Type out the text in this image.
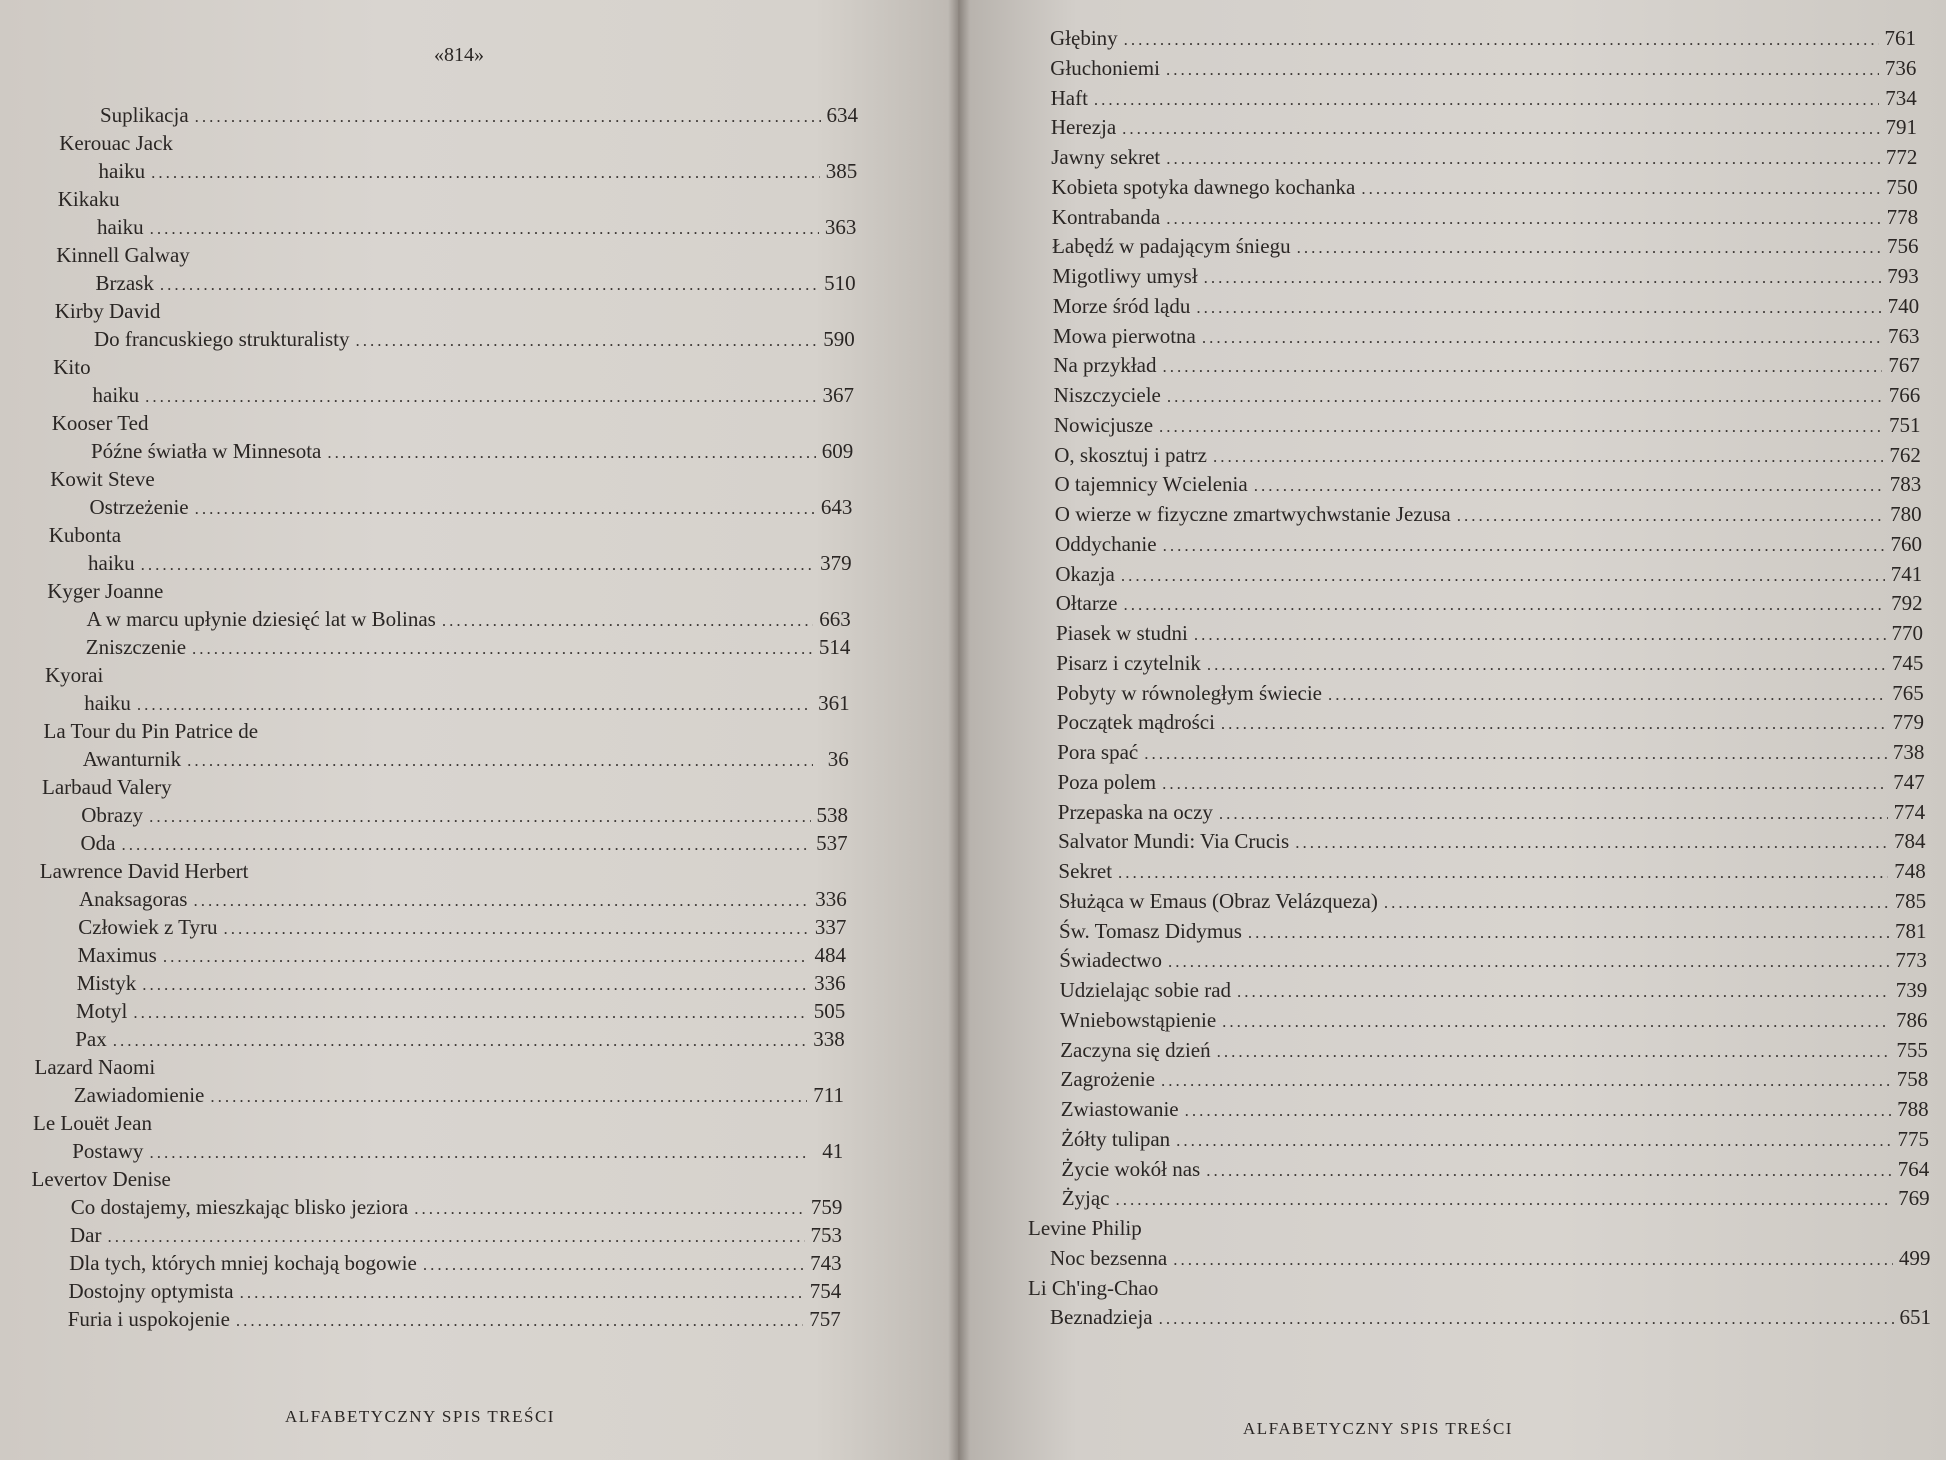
«814»
Suplikacja .....	634
Kerouac Jack
haiku .....	385
Kikaku
haiku .....	363
Kinnell Galway
Brzask .....	510
Kirby David
Do francuskiego strukturalisty .....	590
Kito
haiku .....	367
Kooser Ted
Późne światła w Minnesota .....	609
Kowit Steve
Ostrzeżenie .....	643
Kubonta
haiku .....	379
Kyger Joanne
A w marcu upłynie dziesięć lat w Bolinas .....	663
Zniszczenie .....	514
Kyorai
haiku .....	361
La Tour du Pin Patrice de
Awanturnik .....	36
Larbaud Valery
Obrazy .....	538
Oda .....	537
Lawrence David Herbert
Anaksagoras .....	336
Człowiek z Tyru .....	337
Maximus .....	484
Mistyk .....	336
Motyl .....	505
Pax .....	338
Lazard Naomi
Zawiadomienie .....	711
Le Louët Jean
Postawy .....	41
Levertov Denise
Co dostajemy, mieszkając blisko jeziora .....	759
Dar .....	753
Dla tych, których mniej kochają bogowie .....	743
Dostojny optymista .....	754
Furia i uspokojenie .....	757
ALFABETYCZNY SPIS TREŚCI
Głębiny .....	761
Głuchoniemi .....	736
Haft .....	734
Herezja .....	791
Jawny sekret .....	772
Kobieta spotyka dawnego kochanka .....	750
Kontrabanda .....	778
Łabędź w padającym śniegu .....	756
Migotliwy umysł .....	793
Morze śród lądu .....	740
Mowa pierwotna .....	763
Na przykład .....	767
Niszczyciele .....	766
Nowicjusze .....	751
O, skosztuj i patrz .....	762
O tajemnicy Wcielenia .....	783
O wierze w fizyczne zmartwychwstanie Jezusa .....	780
Oddychanie .....	760
Okazja .....	741
Ołtarze .....	792
Piasek w studni .....	770
Pisarz i czytelnik .....	745
Pobyty w równoległym świecie .....	765
Początek mądrości .....	779
Pora spać .....	738
Poza polem .....	747
Przepaska na oczy .....	774
Salvator Mundi: Via Crucis .....	784
Sekret .....	748
Służąca w Emaus (Obraz Velázqueza) .....	785
Św. Tomasz Didymus .....	781
Świadectwo .....	773
Udzielając sobie rad .....	739
Wniebowstąpienie .....	786
Zaczyna się dzień .....	755
Zagrożenie .....	758
Zwiastowanie .....	788
Żółty tulipan .....	775
Życie wokół nas .....	764
Żyjąc .....	769
Levine Philip
Noc bezsenna .....	499
Li Ch'ing-Chao
Beznadzieja .....	651
ALFABETYCZNY SPIS TREŚCI
